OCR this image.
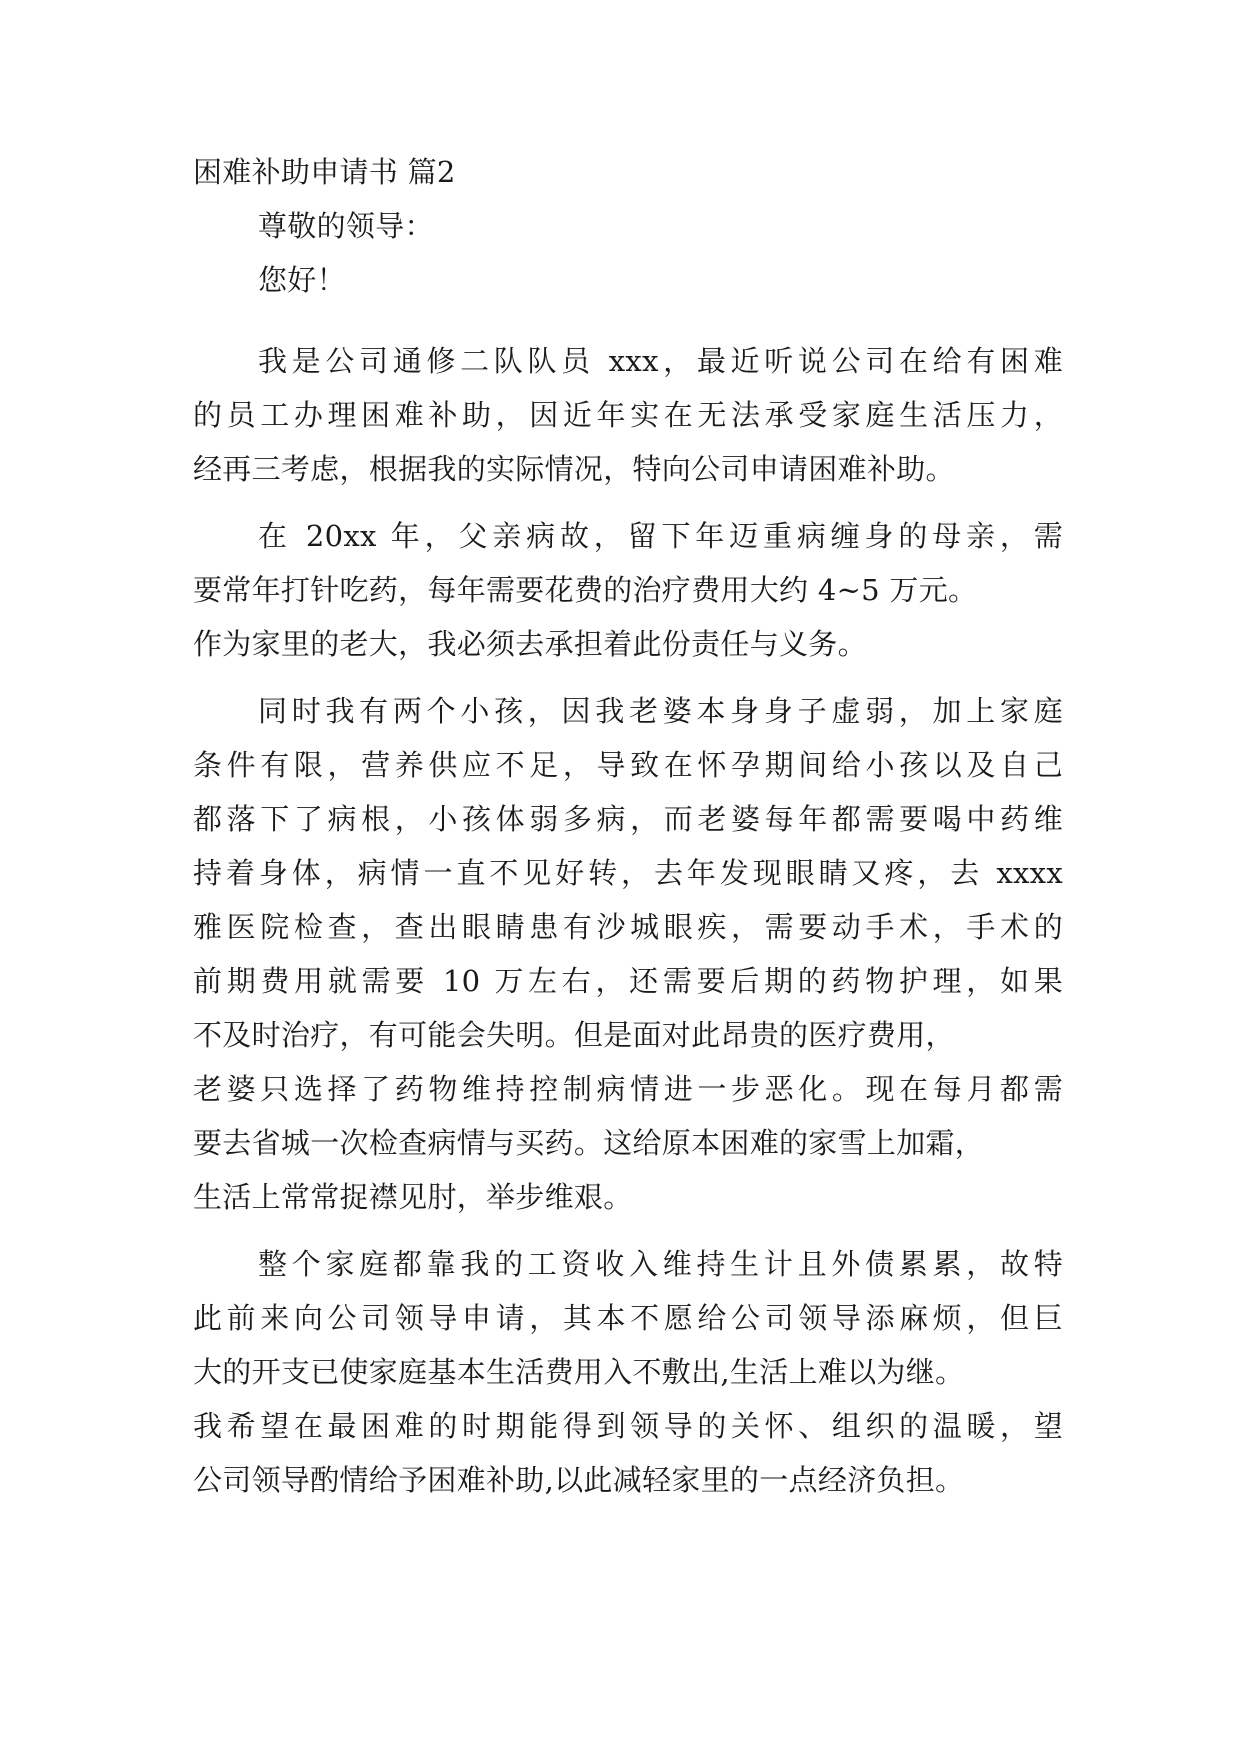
困难补助申请书 篇2
尊敬的领导：
您好！
我是公司通修二队队员 xxx，最近听说公司在给有困难
的员工办理困难补助，因近年实在无法承受家庭生活压力，
经再三考虑，根据我的实际情况，特向公司申请困难补助。
在 20xx 年，父亲病故，留下年迈重病缠身的母亲，需
要常年打针吃药，每年需要花费的治疗费用大约 4~5 万元。
作为家里的老大，我必须去承担着此份责任与义务。
同时我有两个小孩，因我老婆本身身子虚弱，加上家庭
条件有限，营养供应不足，导致在怀孕期间给小孩以及自己
都落下了病根，小孩体弱多病，而老婆每年都需要喝中药维
持着身体，病情一直不见好转，去年发现眼睛又疼，去 xxxx
雅医院检查，查出眼睛患有沙城眼疾，需要动手术，手术的
前期费用就需要 10 万左右，还需要后期的药物护理，如果
不及时治疗，有可能会失明。但是面对此昂贵的医疗费用，
老婆只选择了药物维持控制病情进一步恶化。现在每月都需
要去省城一次检查病情与买药。这给原本困难的家雪上加霜，
生活上常常捉襟见肘，举步维艰。
整个家庭都靠我的工资收入维持生计且外债累累，故特
此前来向公司领导申请，其本不愿给公司领导添麻烦，但巨
大的开支已使家庭基本生活费用入不敷出,生活上难以为继。
我希望在最困难的时期能得到领导的关怀、组织的温暖，望
公司领导酌情给予困难补助,以此减轻家里的一点经济负担。
